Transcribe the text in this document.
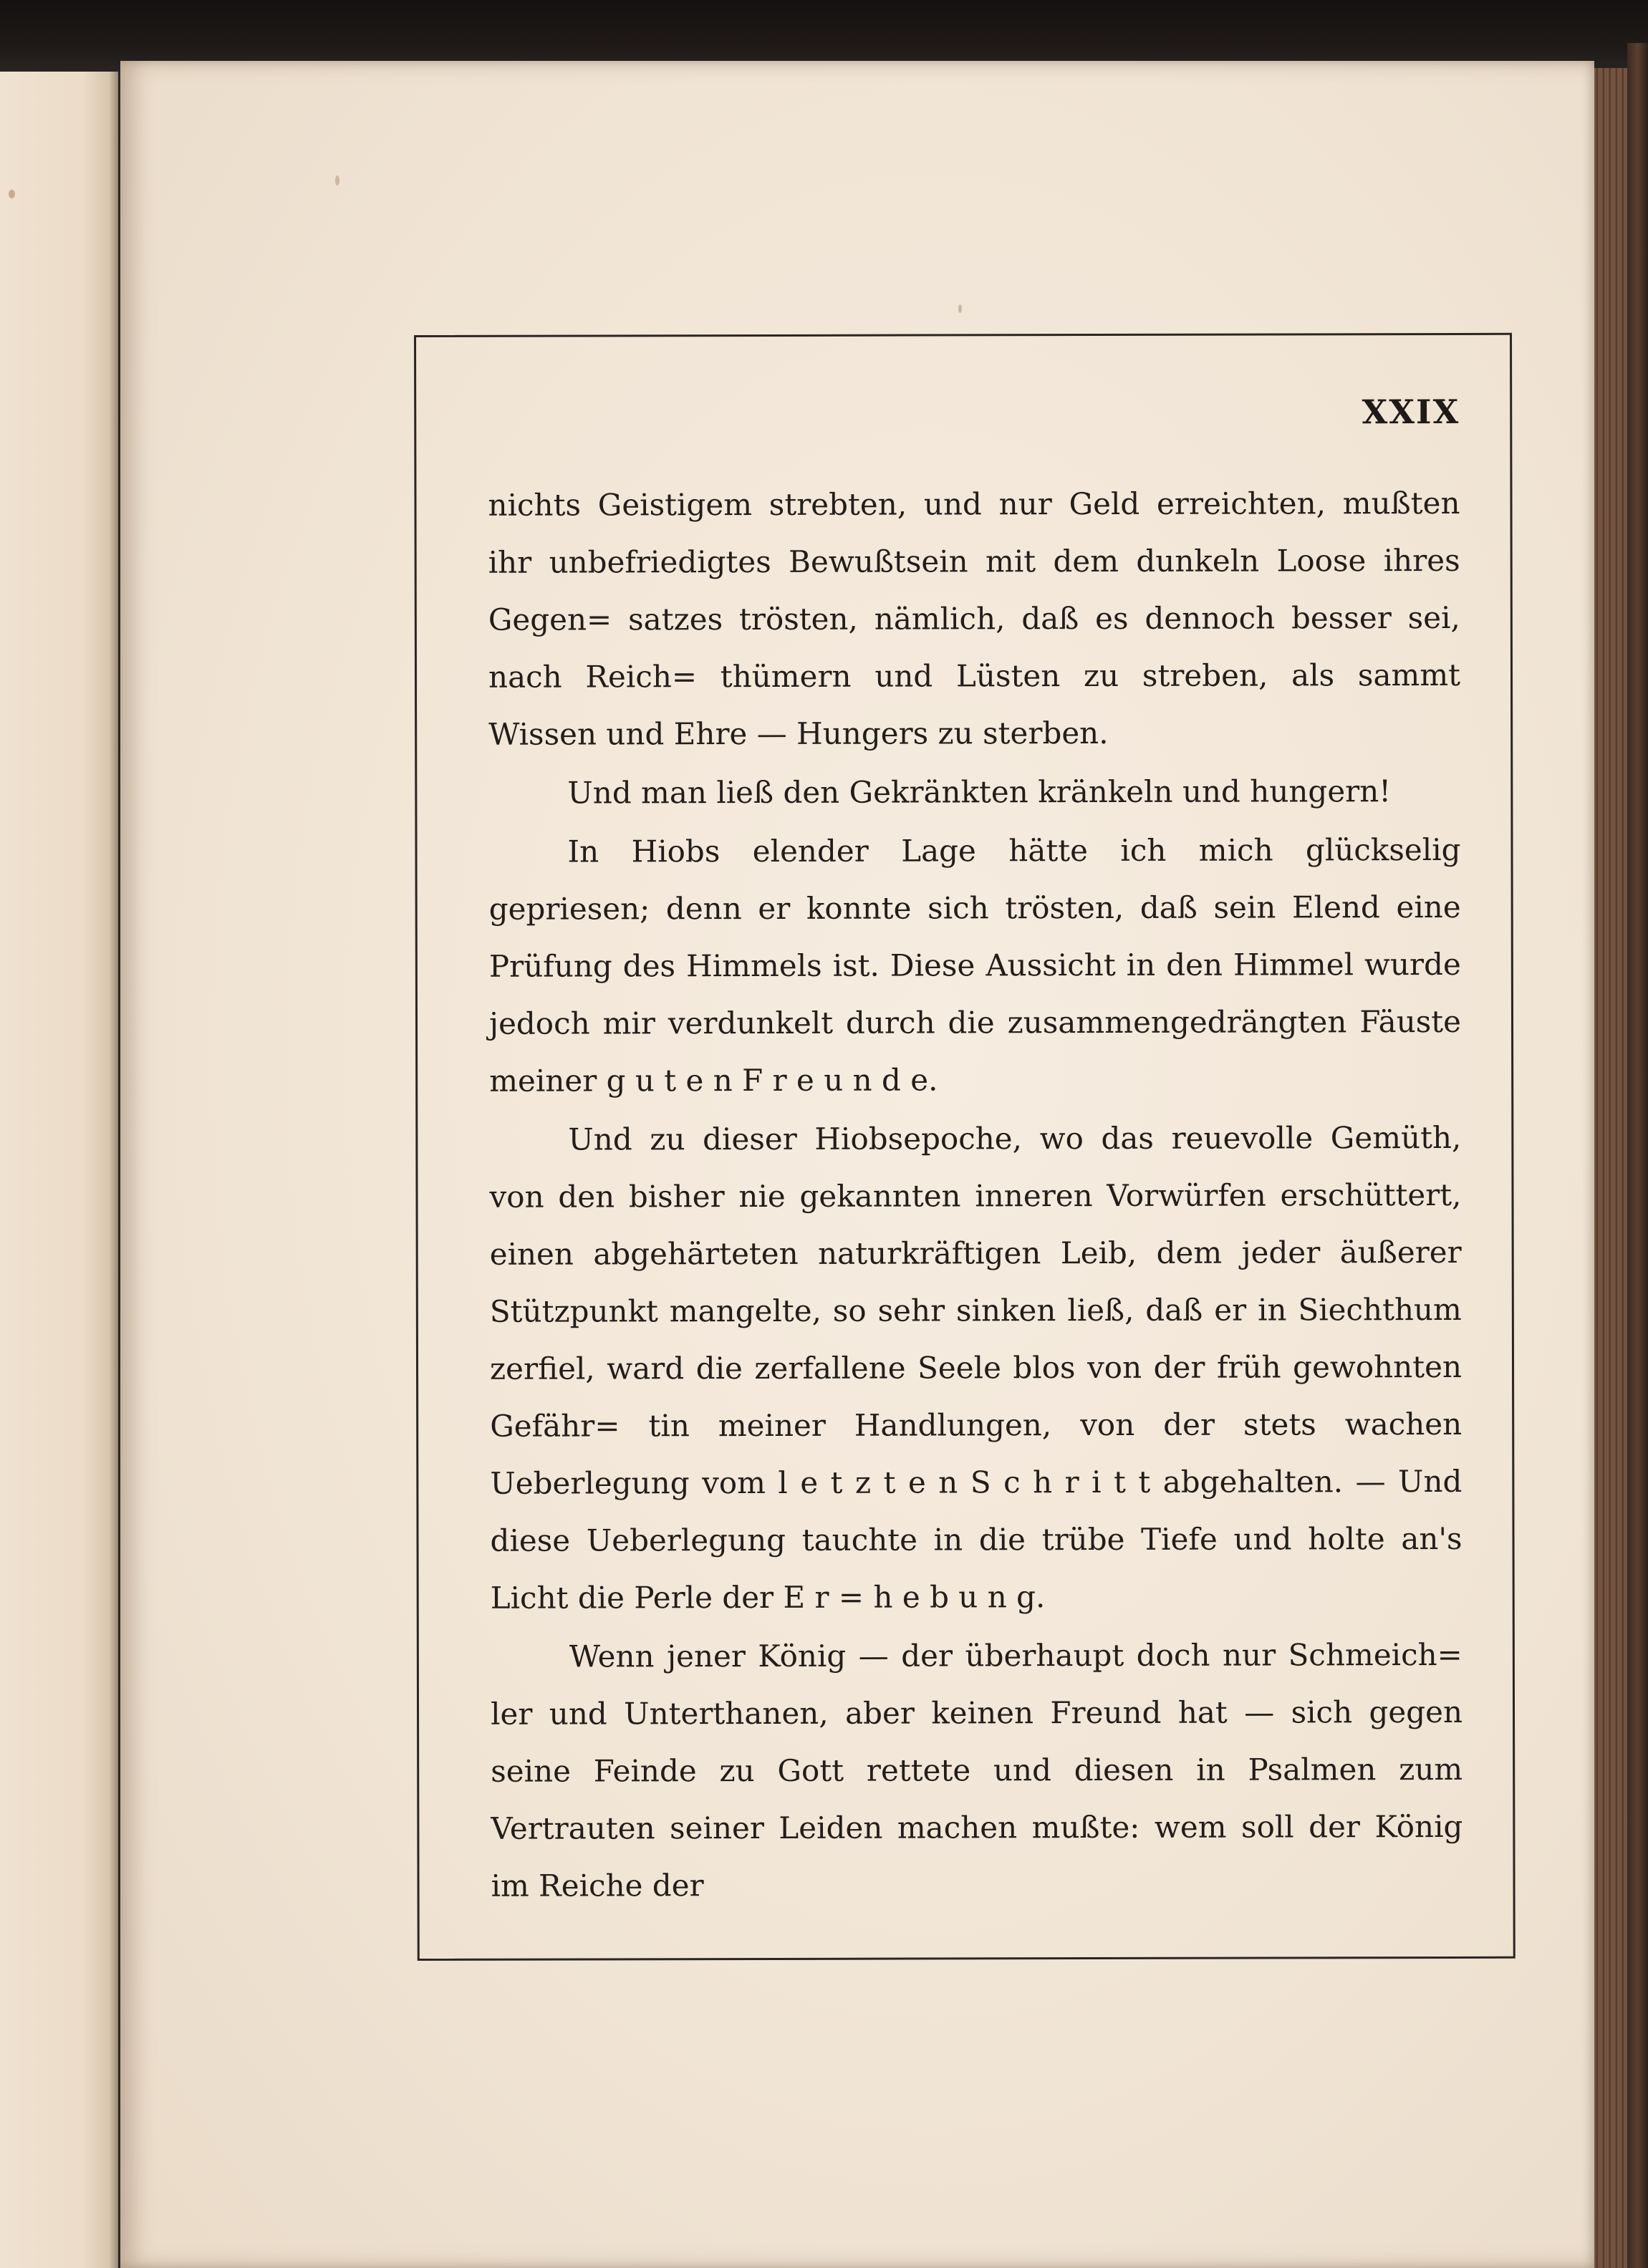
XXIX

nichts Geistigem strebten, und nur Geld erreichten, mußten ihr unbefriedigtes Bewußtsein mit dem dunkeln Loose ihres Gegen= satzes trösten, nämlich, daß es dennoch besser sei, nach Reich= thümern und Lüsten zu streben, als sammt Wissen und Ehre — Hungers zu sterben.

Und man ließ den Gekränkten kränkeln und hungern!

In Hiobs elender Lage hätte ich mich glückselig gepriesen; denn er konnte sich trösten, daß sein Elend eine Prüfung des Himmels ist. Diese Aussicht in den Himmel wurde jedoch mir verdunkelt durch die zusammengedrängten Fäuste meiner g u t e n F r e u n d e.

Und zu dieser Hiobsepoche, wo das reuevolle Gemüth, von den bisher nie gekannten inneren Vorwürfen erschüttert, einen abgehärteten naturkräftigen Leib, dem jeder äußerer Stützpunkt mangelte, so sehr sinken ließ, daß er in Siechthum zerfiel, ward die zerfallene Seele blos von der früh gewohnten Gefähr= tin meiner Handlungen, von der stets wachen Ueberlegung vom l e t z t e n S c h r i t t abgehalten. — Und diese Ueberlegung tauchte in die trübe Tiefe und holte an's Licht die Perle der E r = h e b u n g.

Wenn jener König — der überhaupt doch nur Schmeich= ler und Unterthanen, aber keinen Freund hat — sich gegen seine Feinde zu Gott rettete und diesen in Psalmen zum Vertrauten seiner Leiden machen mußte: wem soll der König im Reiche der
